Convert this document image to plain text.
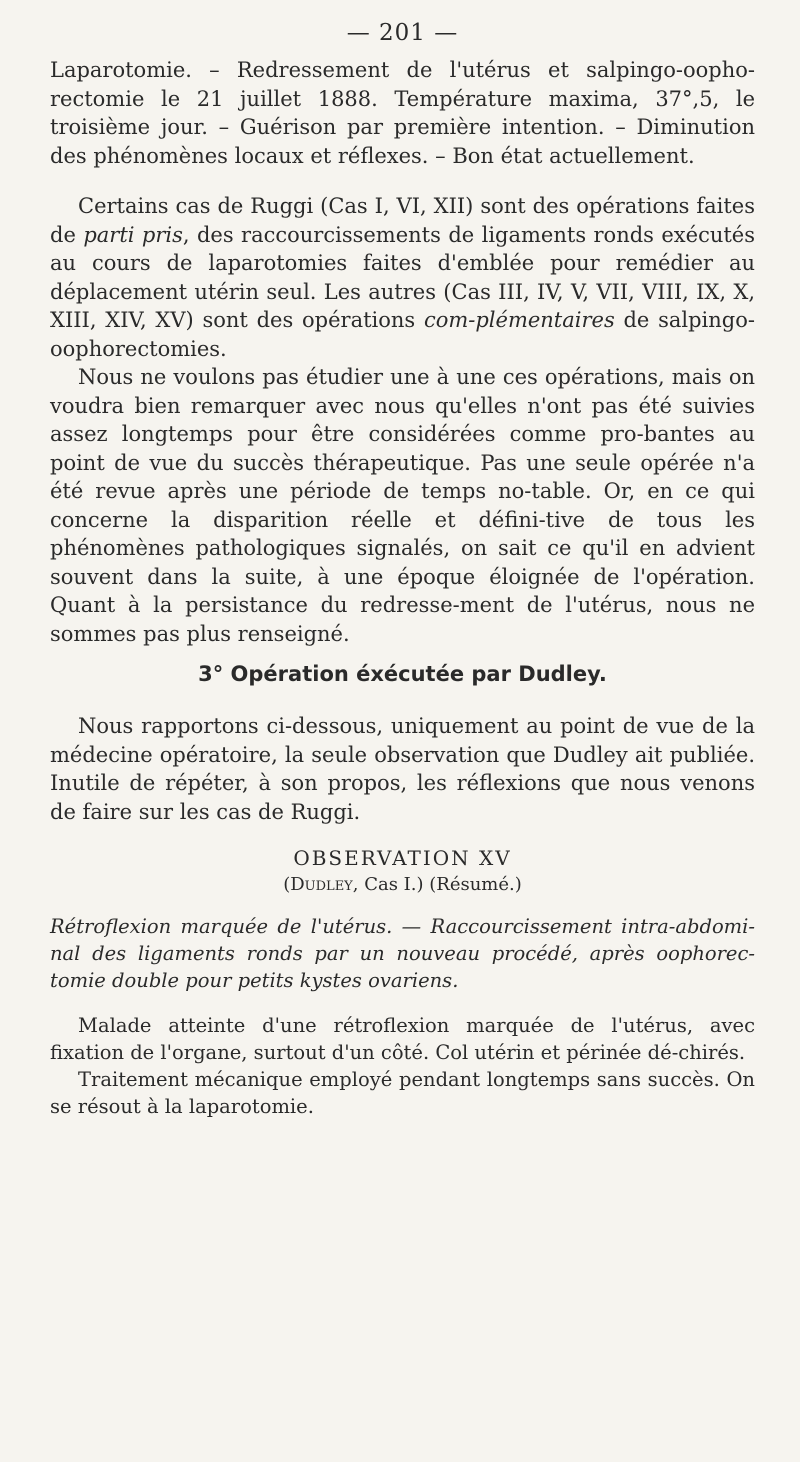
— 201 —

Laparotomie. – Redressement de l'utérus et salpingo-oopho-rectomie le 21 juillet 1888. Température maxima, 37°,5, le troisième jour. – Guérison par première intention. – Diminution des phénomènes locaux et réflexes. – Bon état actuellement.

Certains cas de Ruggi (Cas I, VI, XII) sont des opérations faites de parti pris, des raccourcissements de ligaments ronds exécutés au cours de laparotomies faites d'emblée pour remédier au déplacement utérin seul. Les autres (Cas III, IV, V, VII, VIII, IX, X, XIII, XIV, XV) sont des opérations com-plémentaires de salpingo-oophorectomies.

Nous ne voulons pas étudier une à une ces opérations, mais on voudra bien remarquer avec nous qu'elles n'ont pas été suivies assez longtemps pour être considérées comme pro-bantes au point de vue du succès thérapeutique. Pas une seule opérée n'a été revue après une période de temps no-table. Or, en ce qui concerne la disparition réelle et défini-tive de tous les phénomènes pathologiques signalés, on sait ce qu'il en advient souvent dans la suite, à une époque éloignée de l'opération. Quant à la persistance du redresse-ment de l'utérus, nous ne sommes pas plus renseigné.

3° Opération éxécutée par Dudley.

Nous rapportons ci-dessous, uniquement au point de vue de la médecine opératoire, la seule observation que Dudley ait publiée. Inutile de répéter, à son propos, les réflexions que nous venons de faire sur les cas de Ruggi.

OBSERVATION XV
(Dudley, Cas I.) (Résumé.)

Rétroflexion marquée de l'utérus. — Raccourcissement intra-abdomi-nal des ligaments ronds par un nouveau procédé, après oophorec-tomie double pour petits kystes ovariens.

Malade atteinte d'une rétroflexion marquée de l'utérus, avec fixation de l'organe, surtout d'un côté. Col utérin et périnée dé-chirés.

Traitement mécanique employé pendant longtemps sans succès. On se résout à la laparotomie.
